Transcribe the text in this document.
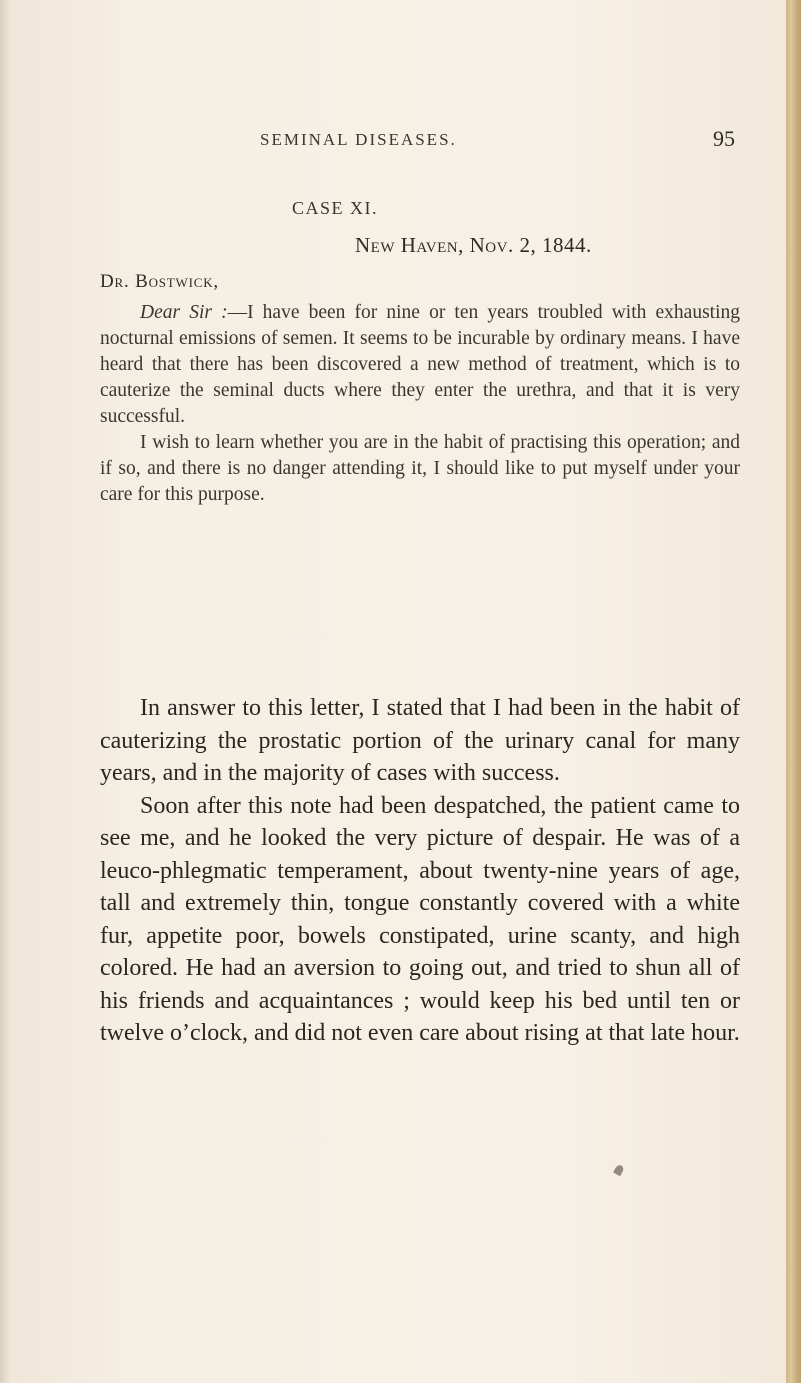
SEMINAL DISEASES.	95
CASE XI.
New Haven, Nov. 2, 1844.
Dr. Bostwick,

Dear Sir :—I have been for nine or ten years troubled with exhausting nocturnal emissions of semen. It seems to be incurable by ordinary means. I have heard that there has been discovered a new method of treatment, which is to cauterize the seminal ducts where they enter the urethra, and that it is very successful.

I wish to learn whether you are in the habit of practising this operation; and if so, and there is no danger attending it, I should like to put myself under your care for this purpose.

In answer to this letter, I stated that I had been in the habit of cauterizing the prostatic portion of the urinary canal for many years, and in the majority of cases with success.

Soon after this note had been despatched, the patient came to see me, and he looked the very picture of despair. He was of a leuco-phlegmatic temperament, about twenty-nine years of age, tall and extremely thin, tongue constantly covered with a white fur, appetite poor, bowels constipated, urine scanty, and high colored. He had an aversion to going out, and tried to shun all of his friends and acquaintances ; would keep his bed until ten or twelve o’clock, and did not even care about rising at that late hour.
